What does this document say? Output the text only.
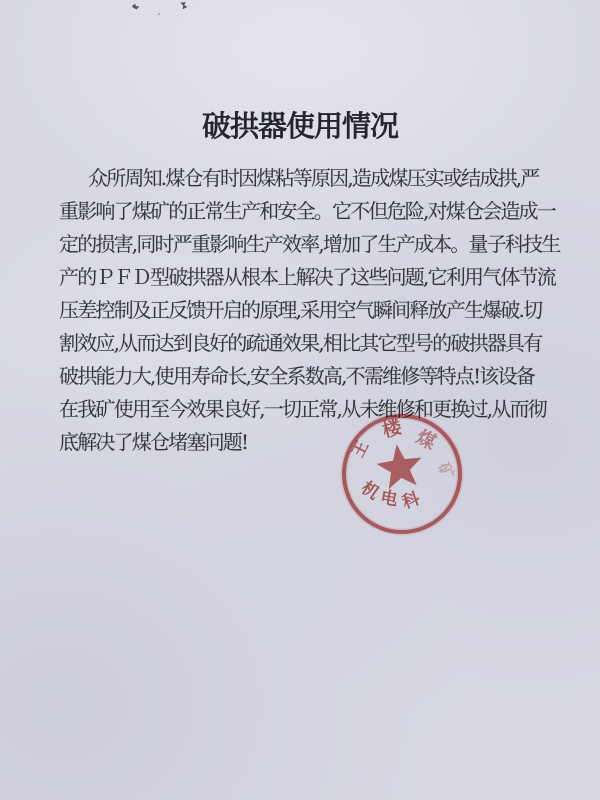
破拱器使用情况

众所周知.煤仓有时因煤粘等原因,造成煤压实或结成拱,严

重影响了煤矿的正常生产和安全。它不但危险,对煤仓会造成一

定的损害,同时严重影响生产效率,增加了生产成本。量子科技生

产的ＰＦＤ型破拱器从根本上解决了这些问题,它利用气体节流

压差控制及正反馈开启的原理,采用空气瞬间释放产生爆破.切

割效应,从而达到良好的疏通效果,相比其它型号的破拱器具有

破拱能力大,使用寿命长,安全系数高,不需维修等特点!该设备

在我矿使用至今效果良好,一切正常,从未维修和更换过,从而彻

底解决了煤仓堵塞问题!	王
楼 煤
矿
机
电 科
